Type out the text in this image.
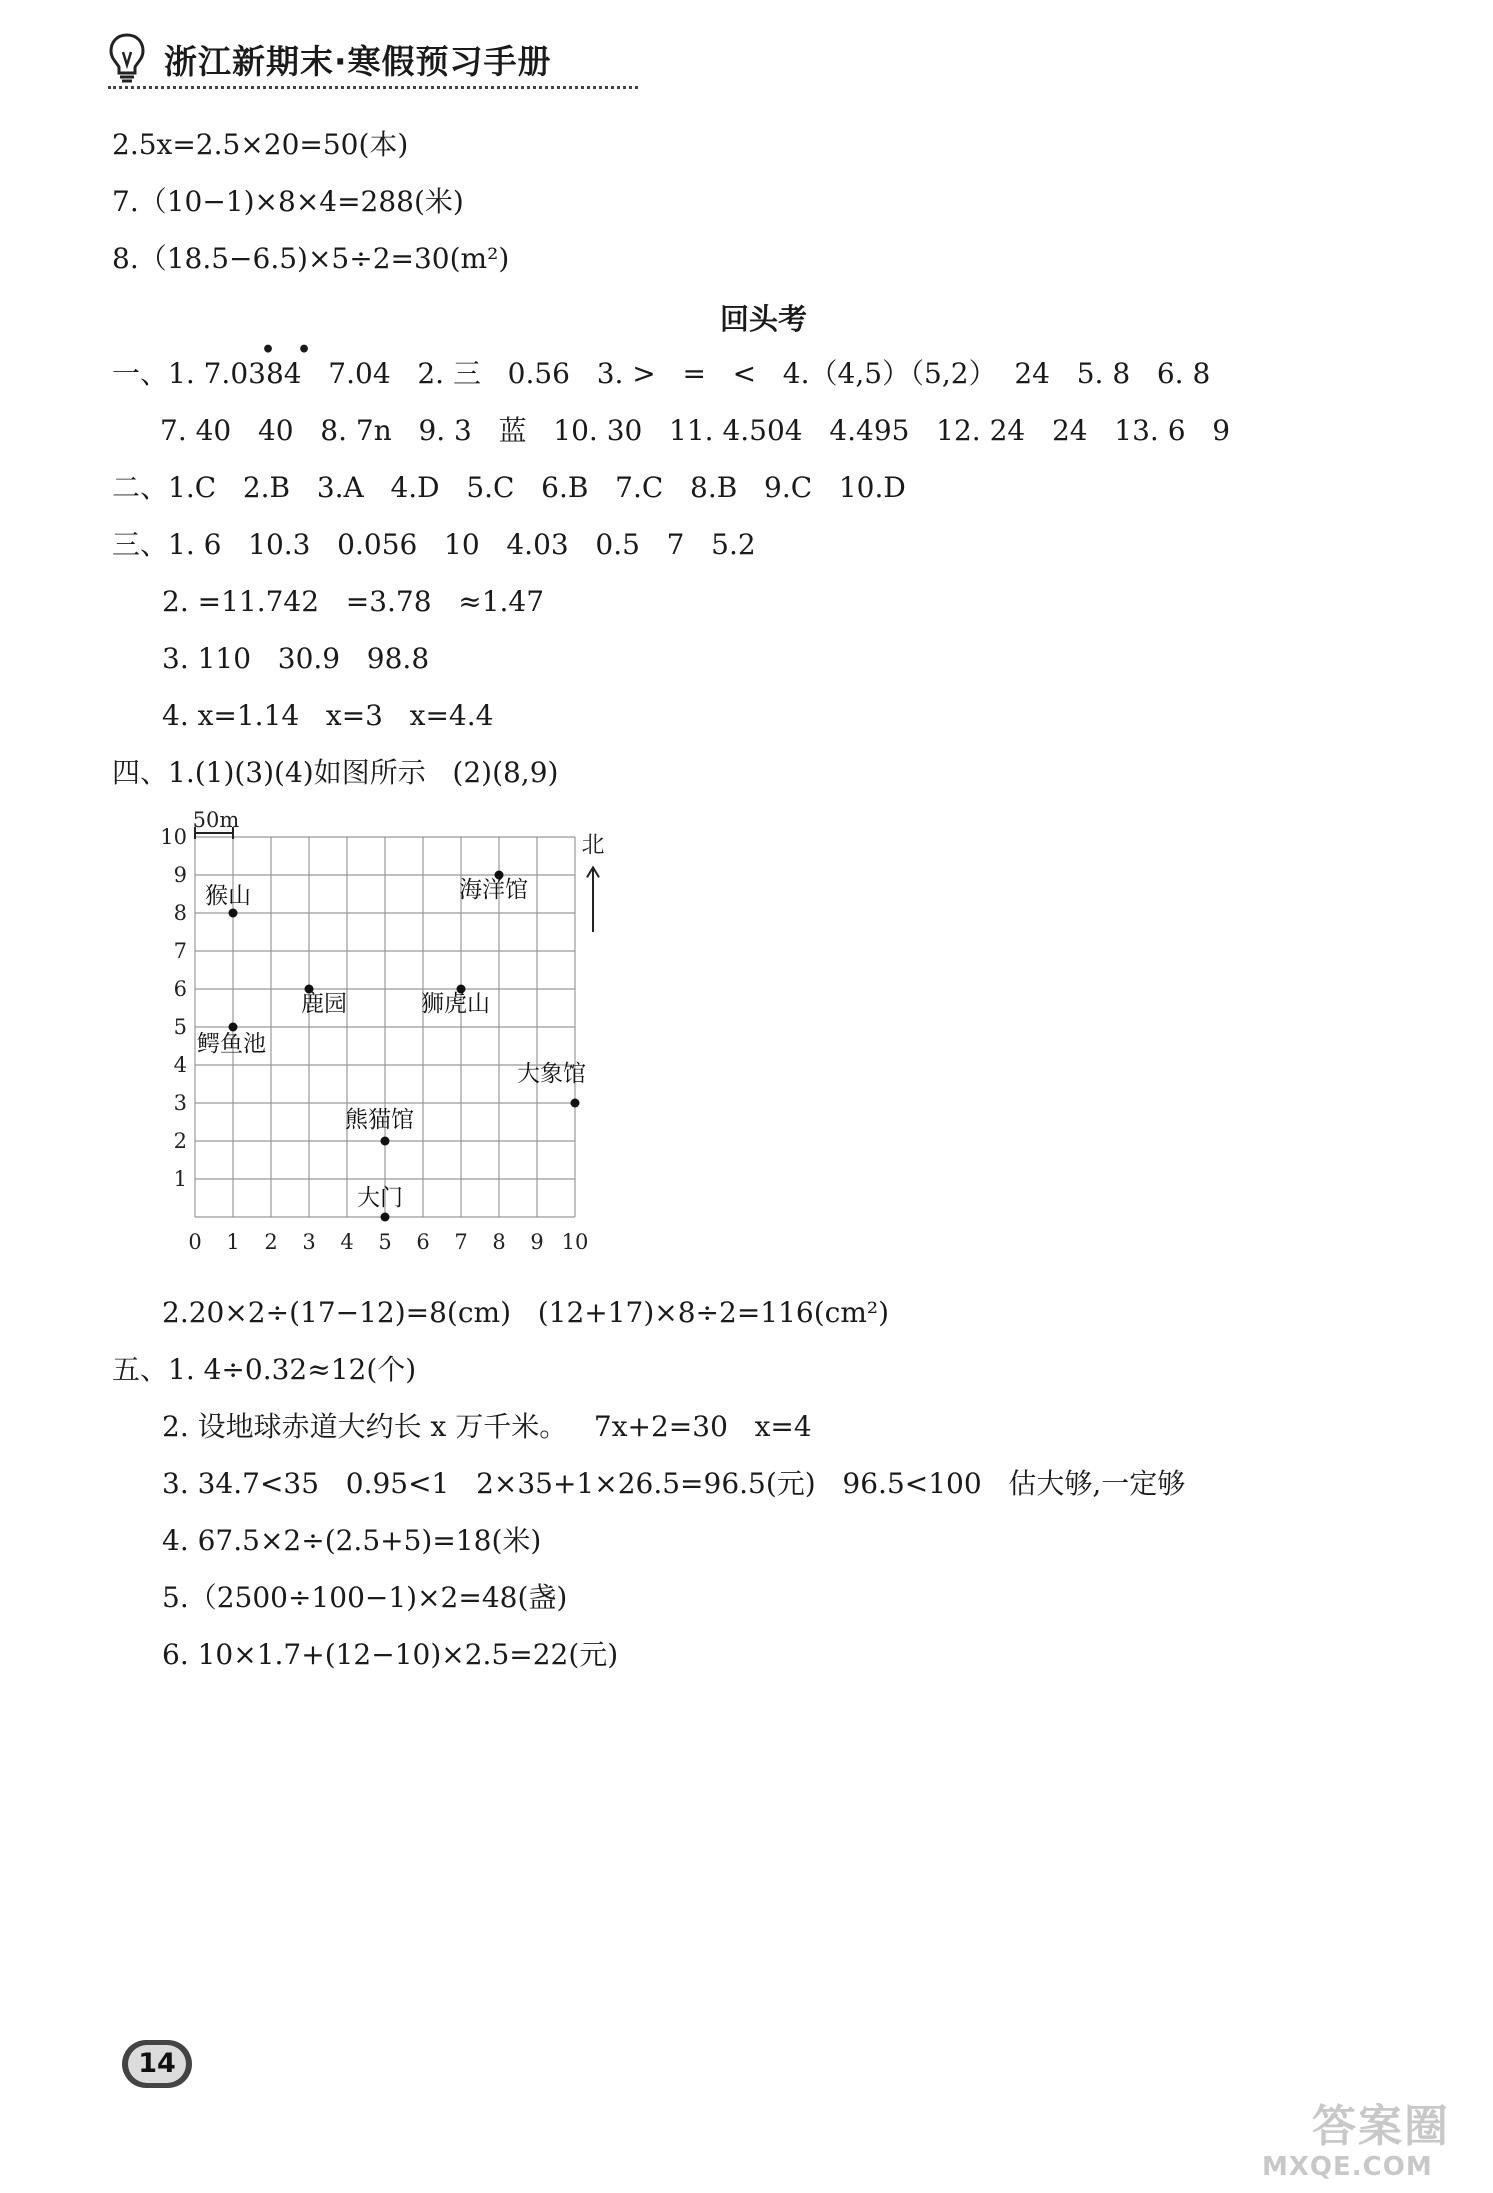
浙江新期末·寒假预习手册
2.5x=2.5×20=50(本)
7.（10−1)×8×4=288(米)
8.（18.5−6.5)×5÷2=30(m²)
回头考
• •
一、1. 7.0384   7.04   2. 三   0.56   3. >   =   <   4.（4,5）（5,2）  24   5. 8   6. 8
7. 40   40   8. 7n   9. 3   蓝   10. 30   11. 4.504   4.495   12. 24   24   13. 6   9
二、1.C   2.B   3.A   4.D   5.C   6.B   7.C   8.B   9.C   10.D
三、1. 6   10.3   0.056   10   4.03   0.5   7   5.2
2. =11.742   =3.78   ≈1.47
3. 110   30.9   98.8
4. x=1.14   x=3   x=4.4
四、1.(1)(3)(4)如图所示   (2)(8,9)
0 1 2 3 4 5 6 7 8 9 10
1
2
3
4
5
6
7
8
9
10
50m
北
猴山	海洋馆
鹿园	狮虎山
鳄鱼池
大象馆
熊猫馆
大门
2.20×2÷(17−12)=8(cm)   (12+17)×8÷2=116(cm²)
五、1. 4÷0.32≈12(个)
2. 设地球赤道大约长 x 万千米。   7x+2=30   x=4
3. 34.7<35   0.95<1   2×35+1×26.5=96.5(元)   96.5<100   估大够,一定够
4. 67.5×2÷(2.5+5)=18(米)
5.（2500÷100−1)×2=48(盏)
6. 10×1.7+(12−10)×2.5=22(元)
14
答案圈
MXQE.COM
